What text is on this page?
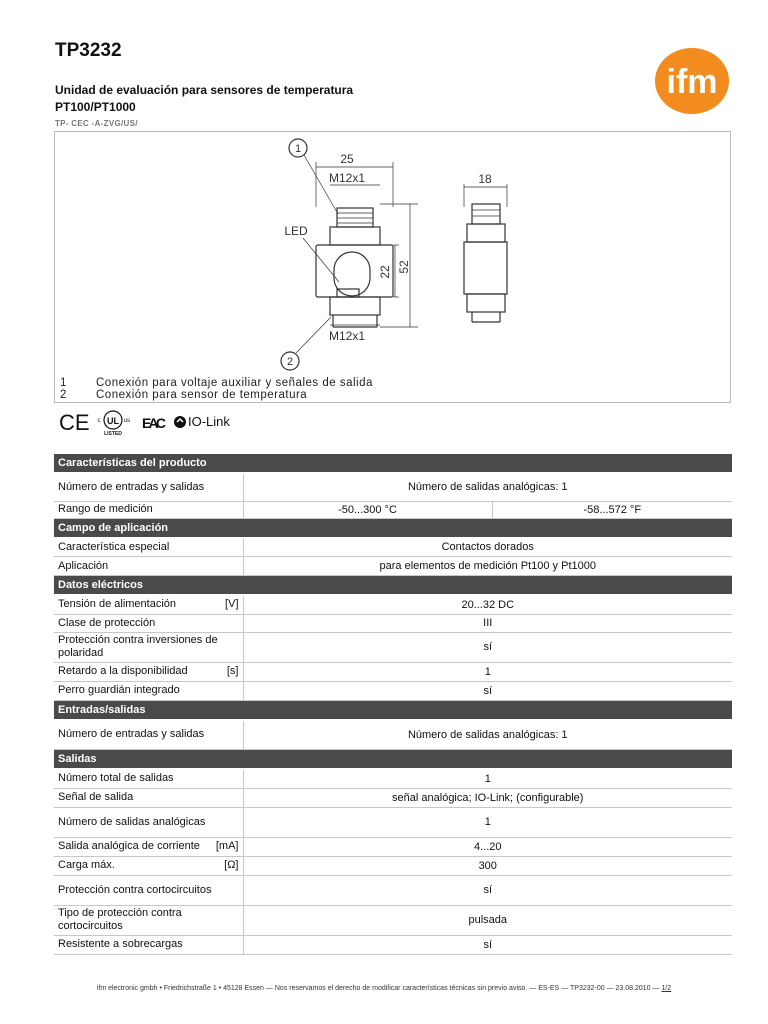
TP3232
Unidad de evaluación para sensores de temperatura
PT100/PT1000
TP- CEC -A-ZVG/US/
ifm
1
2
25
M12x1
M12x1
LED
22 52
18
1	Conexión para voltaje auxiliar y señales de salida
2	Conexión para sensor de temperatura
CE UL
c	us
LISTED
EAC IO-Link
Características del producto		
Número de entradas y salidas	Número de salidas analógicas: 1	
Rango de medición	-50...300 °C	-58...572 °F
Campo de aplicación		
Característica especial	Contactos dorados	
Aplicación	para elementos de medición Pt100 y Pt1000	
Datos eléctricos		

[V]
Tensión de alimentación	20...32 DC	
Clase de protección	III	
Protección contra inversiones de polaridad	sí	

[s]
Retardo a la disponibilidad	1	
Perro guardián integrado	sí	
Entradas/salidas		
Número de entradas y salidas	Número de salidas analógicas: 1	
Salidas		
Número total de salidas	1	
Señal de salida	señal analógica; IO-Link; (configurable)	
Número de salidas analógicas	1	

[mA]
Salida analógica de corriente	4...20	

[Ω]
Carga máx.	300	
Protección contra cortocircuitos	sí	
Tipo de protección contra cortocircuitos	pulsada	
Resistente a sobrecargas	sí	
ifm electronic gmbh • Friedrichstraße 1 • 45128 Essen — Nos reservamos el derecho de modificar características técnicas sin previo aviso. — ES-ES — TP3232-00 — 23.08.2010 — 1/2
